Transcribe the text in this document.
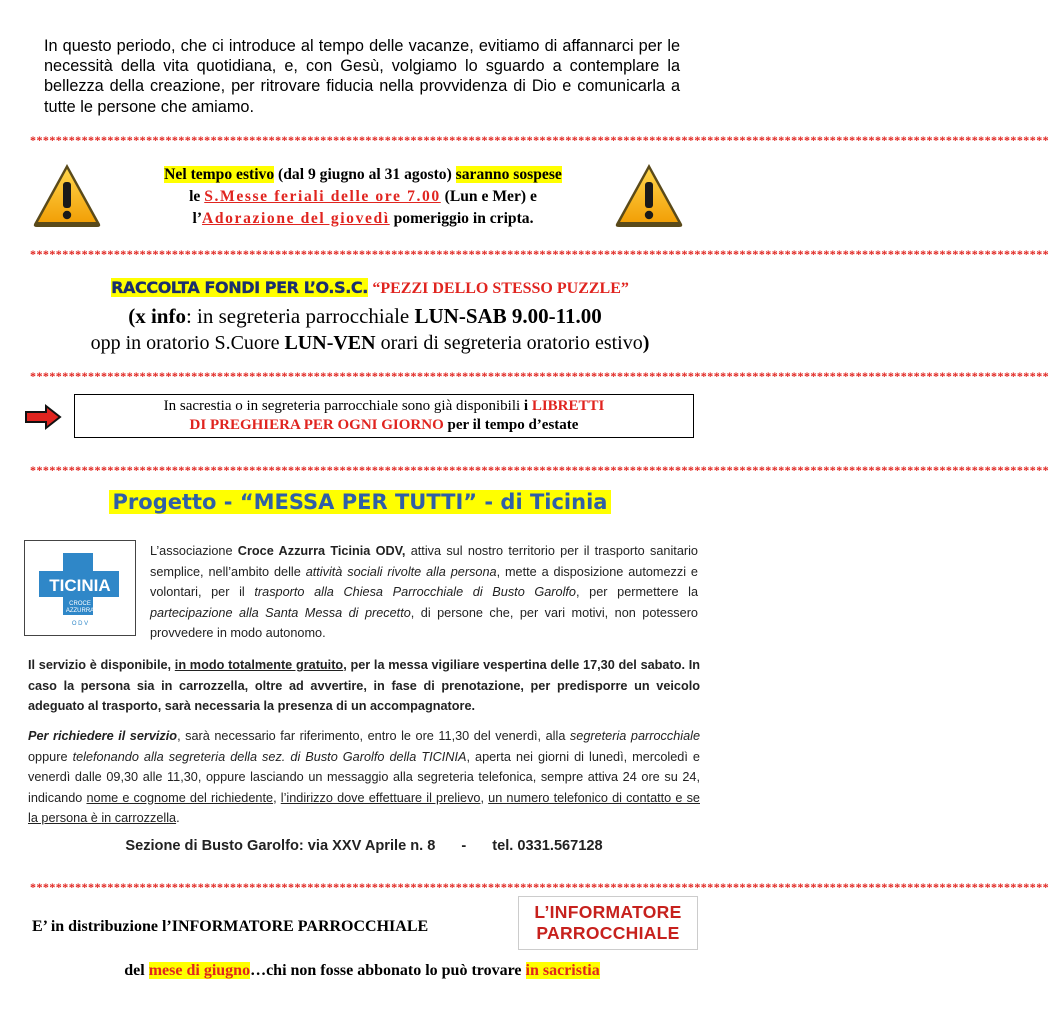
In questo periodo, che ci introduce al tempo delle vacanze, evitiamo di affannarci per le necessità della vita quotidiana, e, con Gesù, volgiamo lo sguardo a contemplare la bellezza della creazione, per ritrovare fiducia nella provvidenza di Dio e comunicarla a tutte le persone che amiamo.
**************************************************************************************************************************************************************
Nel tempo estivo (dal 9 giugno al 31 agosto) saranno sospese
le S.Messe feriali delle ore 7.00 (Lun e Mer) e
l’Adorazione del giovedì pomeriggio in cripta.
**************************************************************************************************************************************************************
RACCOLTA FONDI PER L’O.S.C. “PEZZI DELLO STESSO PUZZLE”
(x info: in segreteria parrocchiale LUN-SAB 9.00-11.00
opp in oratorio S.Cuore LUN-VEN orari di segreteria oratorio estivo)
**************************************************************************************************************************************************************
In sacrestia o in segreteria parrocchiale sono già disponibili i LIBRETTI
DI PREGHIERA PER OGNI GIORNO per il tempo d’estate
**************************************************************************************************************************************************************
Progetto - “MESSA PER TUTTI” - di Ticinia
TICINIA
CROCE
AZZURRA
O D V
L’associazione Croce Azzurra Ticinia ODV, attiva sul nostro territorio per il trasporto sanitario semplice, nell’ambito delle attività sociali rivolte alla persona, mette a disposizione automezzi e volontari, per il trasporto alla Chiesa Parrocchiale di Busto Garolfo, per permettere la partecipazione alla Santa Messa di precetto, di persone che, per vari motivi, non potessero provvedere in modo autonomo.
Il servizio è disponibile, in modo totalmente gratuito, per la messa vigiliare vespertina delle 17,30 del sabato. In caso la persona sia in carrozzella, oltre ad avvertire, in fase di prenotazione, per predisporre un veicolo adeguato al trasporto, sarà necessaria la presenza di un accompagnatore.
Per richiedere il servizio, sarà necessario far riferimento, entro le ore 11,30 del venerdì, alla segreteria parrocchiale oppure telefonando alla segreteria della sez. di Busto Garolfo della TICINIA, aperta nei giorni di lunedì, mercoledì e venerdì dalle 09,30 alle 11,30, oppure lasciando un messaggio alla segreteria telefonica, sempre attiva 24 ore su 24, indicando nome e cognome del richiedente, l’indirizzo dove effettuare il prelievo, un numero telefonico di contatto e se la persona è in carrozzella.
Sezione di Busto Garolfo: via XXV Aprile n. 8 - tel. 0331.567128
**************************************************************************************************************************************************************
E’ in distribuzione l’INFORMATORE PARROCCHIALE
L’INFORMATORE
PARROCCHIALE
del mese di giugno…chi non fosse abbonato lo può trovare in sacristia
